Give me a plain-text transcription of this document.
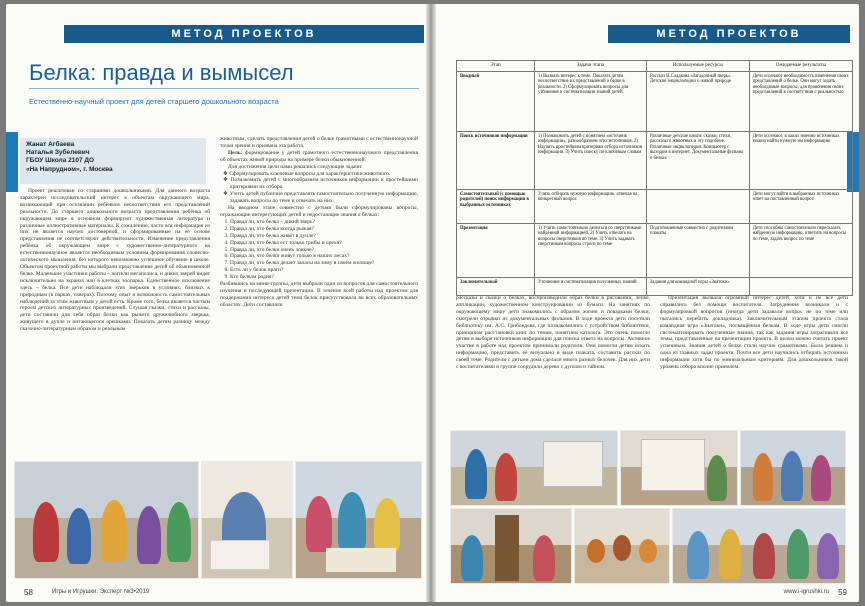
МЕТОД ПРОЕКТОВ
Белка: правда и вымысел
Естественно-научный проект для детей старшего дошкольного возраста
Жанат Агбаева
Наталья Зубелевич
ГБОУ Школа 2107 ДО
«На Напрудном», г. Москва

Проект реализован со старшими дошкольниками. Для данного возраста характерен исследовательский интерес к объектам окружающего мира, возникающий при осознании ребёнком несоответствия его представлений реальности. До старшего дошкольного возраста представления ребёнка об окружающем мире в основном формируют художественная литература и различные иллюстративные материалы. К сожалению, часто вся информация из них не является научно достоверной, и сформированные на её основе представления не соответствуют действительности. Изменение представления ребёнка об окружающем мире с художественно-литературного на естественнонаучное является необходимым условием формирования словесно-логического мышления, без которого невозможно успешное обучение в школе. Объектом проектной работы мы выбрали представление детей об обыкновенной белке. Маленькие участники работы – жители мегаполиса, и диких зверей видят исключительно на экранах или в клетках зоопарка. Единственное исключение здесь – белка. Все дети наблюдали этих зверьков в условиях, близких к природным (в парках, скверах). Поэтому опыт и возможность самостоятельных наблюдений за этим животным у детей есть. Кроме того, белка является частым героем детских литературных произведений. Слушая сказки, стихи и рассказы, дети составили для себя образ белки как рыжего дружелюбного зверька, живущего в дупле и питающегося орешками. Показать детям разницу между сказочно-литературным образом и реальным

животным, сделать представления детей о белке грамотными с естественнонаучной точки зрения и призвана эта работа.

Цель: формирование у детей грамотного естественнонаучного представления об объектах живой природы на примере белки обыкновенной.

Для достижения цели нами решались следующие задачи:

❖ Сформулировать ключевые вопросы для характеристики животного.
❖ Познакомить детей с многообразием источников информации и простейшими критериями их отбора.
❖ Учить детей публично представлять самостоятельно полученную информацию, задавать вопросы по теме и отвечать на них.

На вводном этапе совместно с детьми были сформулированы вопросы, отражающие интересующих детей и недостающие знания о белках:

1. Правда ли, что белка – дикий зверь?
2. Правда ли, что белка всегда рыжая?
3. Правда ли, что белка живёт в дупле?
4. Правда ли, что белка ест только грибы и орехи?
5. Правда ли, что белки очень ловкие?
6. Правда ли, что белки живут только в наших лесах?
7. Правда ли, что белка делает запасы на зиму в своём жилище?
8. Есть ли у белок враги?
9. Кто белкам родня?

Разбившись на мини-группы, дети выбрали один из вопросов для самостоятельного изучения и последующей презентации. В течение всей работы над проектом для поддержания интереса детей тема белок присутствовала во всех образовательных областях. Дети составляли

58	Игры и Игрушки. Эксперт №3•2019
МЕТОД ПРОЕКТОВ
Этап	Задачи этапа	Используемые ресурсы	Ожидаемые результаты
Вводный	1) Вызвать интерес к теме. Показать детям несоответствие их представлений о белке в реальности. 2) Сформулировать вопросы для уточнения и систематизации знаний детей.	Рассказ Н.Сладкова «Загадочный зверь». Детские энциклопедии о живой природе	Дети осознают необходимость изменения своих представлений о белке. Они могут задать необходимые вопросы, для прояснения своих представлений в соответствии с реальностью
Поиск источников информации	1) Познакомить детей с понятием «источник информации», разнообразием этих источников. 2) Научить простейшим критериям отбора источников информации. 3) Учить поиску по ключевым словам	Различные детские книги: сказки, стихи, рассказы о животных и эту подобное. Различные энциклопедии. Компьютер с выходом в интернет. Документальные фильмы о белках	Дети осознают, в каких именно источниках можно найти нужную им информацию
Самостоятельный (с помощью родителей) поиск информации в выбранных источниках	Учить отбирать нужную информацию, отвечая на конкретный вопрос		Дети могут найти в выбранных источниках ответ на поставленный вопрос
Презентация	1) Учить самостоятельно делиться со сверстниками найденной информацией. 2) Учить отвечать на вопросы сверстников по теме. 3) Учить задавать сверстникам вопросы строго по теме	Подготовленные совместно с родителями плакаты	Дети способны самостоятельно пересказать найденную информацию, ответить на вопросы по теме, задать вопрос по теме
Заключительный	Уточнение и систематизация полученных знаний	Задания для командной игры «Знатоки»	

рассказы и сказки о белках, воспроизводили образ белки в рисовании, лепке, аппликации, художественном конструировании из бумаги. На занятиях по окружающему миру дети знакомились с образом жизни и повадками белки, смотрели отрывки из документальных фильмов. В ходе проекта дети посетили библиотеку им. А.С. Грибоедова, где познакомились с устройством библиотеки, принципом расстановки книг по темам, понятием каталога. Это очень помогло детям в выборе источников информации для поиска ответа на вопросы. Активное участие в работе над проектом принимали родители. Они помогли детям искать информацию, представить её визуально в виде плаката, составить рассказ по своей теме. Родители с детьми дома сделали много разных белочек. Для них дети с воспитателями в группе соорудили дерево с дуплом и гайном.

Презентация вызвала огромный интерес детей, хотя и не все дети справились без помощи воспитателя. Затруднения возникали и с формулировкой вопросов (иногда дети задавали вопрос не по теме или пытались перебить докладчика). Заключительным этапом проекта стала командная игра «Знатоки», посвящённая белкам. В ходе игры дети смогли систематизировать полученные знания, так как задания игры затрагивали все темы, представленные на презентации проекта. В целом можно считать проект успешным. Знания детей о белке стали научно грамотными. Была решена и одна из главных задач проекта. Почти все дети научились отбирать источники информации хотя бы по минимальным критериям. Для дошкольников такой уровень отбора вполне приемлем.

www.i-igrushki.ru 59
